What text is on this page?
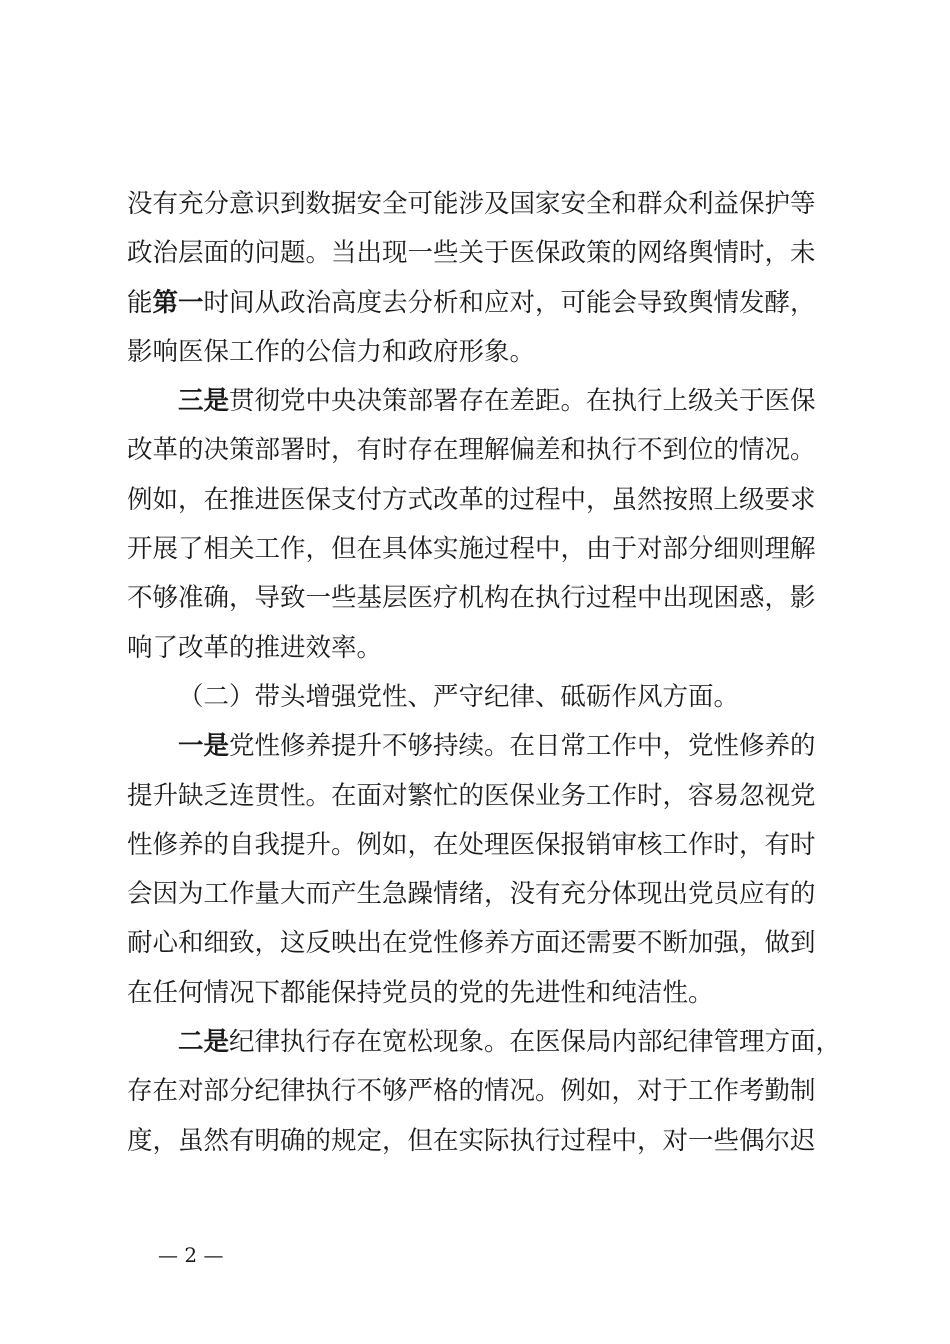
没有充分意识到数据安全可能涉及国家安全和群众利益保护等
政治层面的问题。当出现一些关于医保政策的网络舆情时，未
能第一时间从政治高度去分析和应对，可能会导致舆情发酵，
影响医保工作的公信力和政府形象。
三是贯彻党中央决策部署存在差距。在执行上级关于医保
改革的决策部署时，有时存在理解偏差和执行不到位的情况。
例如，在推进医保支付方式改革的过程中，虽然按照上级要求
开展了相关工作，但在具体实施过程中，由于对部分细则理解
不够准确，导致一些基层医疗机构在执行过程中出现困惑，影
响了改革的推进效率。
（二）带头增强党性、严守纪律、砥砺作风方面。
一是党性修养提升不够持续。在日常工作中，党性修养的
提升缺乏连贯性。在面对繁忙的医保业务工作时，容易忽视党
性修养的自我提升。例如，在处理医保报销审核工作时，有时
会因为工作量大而产生急躁情绪，没有充分体现出党员应有的
耐心和细致，这反映出在党性修养方面还需要不断加强，做到
在任何情况下都能保持党员的党的先进性和纯洁性。
二是纪律执行存在宽松现象。在医保局内部纪律管理方面，
存在对部分纪律执行不够严格的情况。例如，对于工作考勤制
度，虽然有明确的规定，但在实际执行过程中，对一些偶尔迟
— 2 —
